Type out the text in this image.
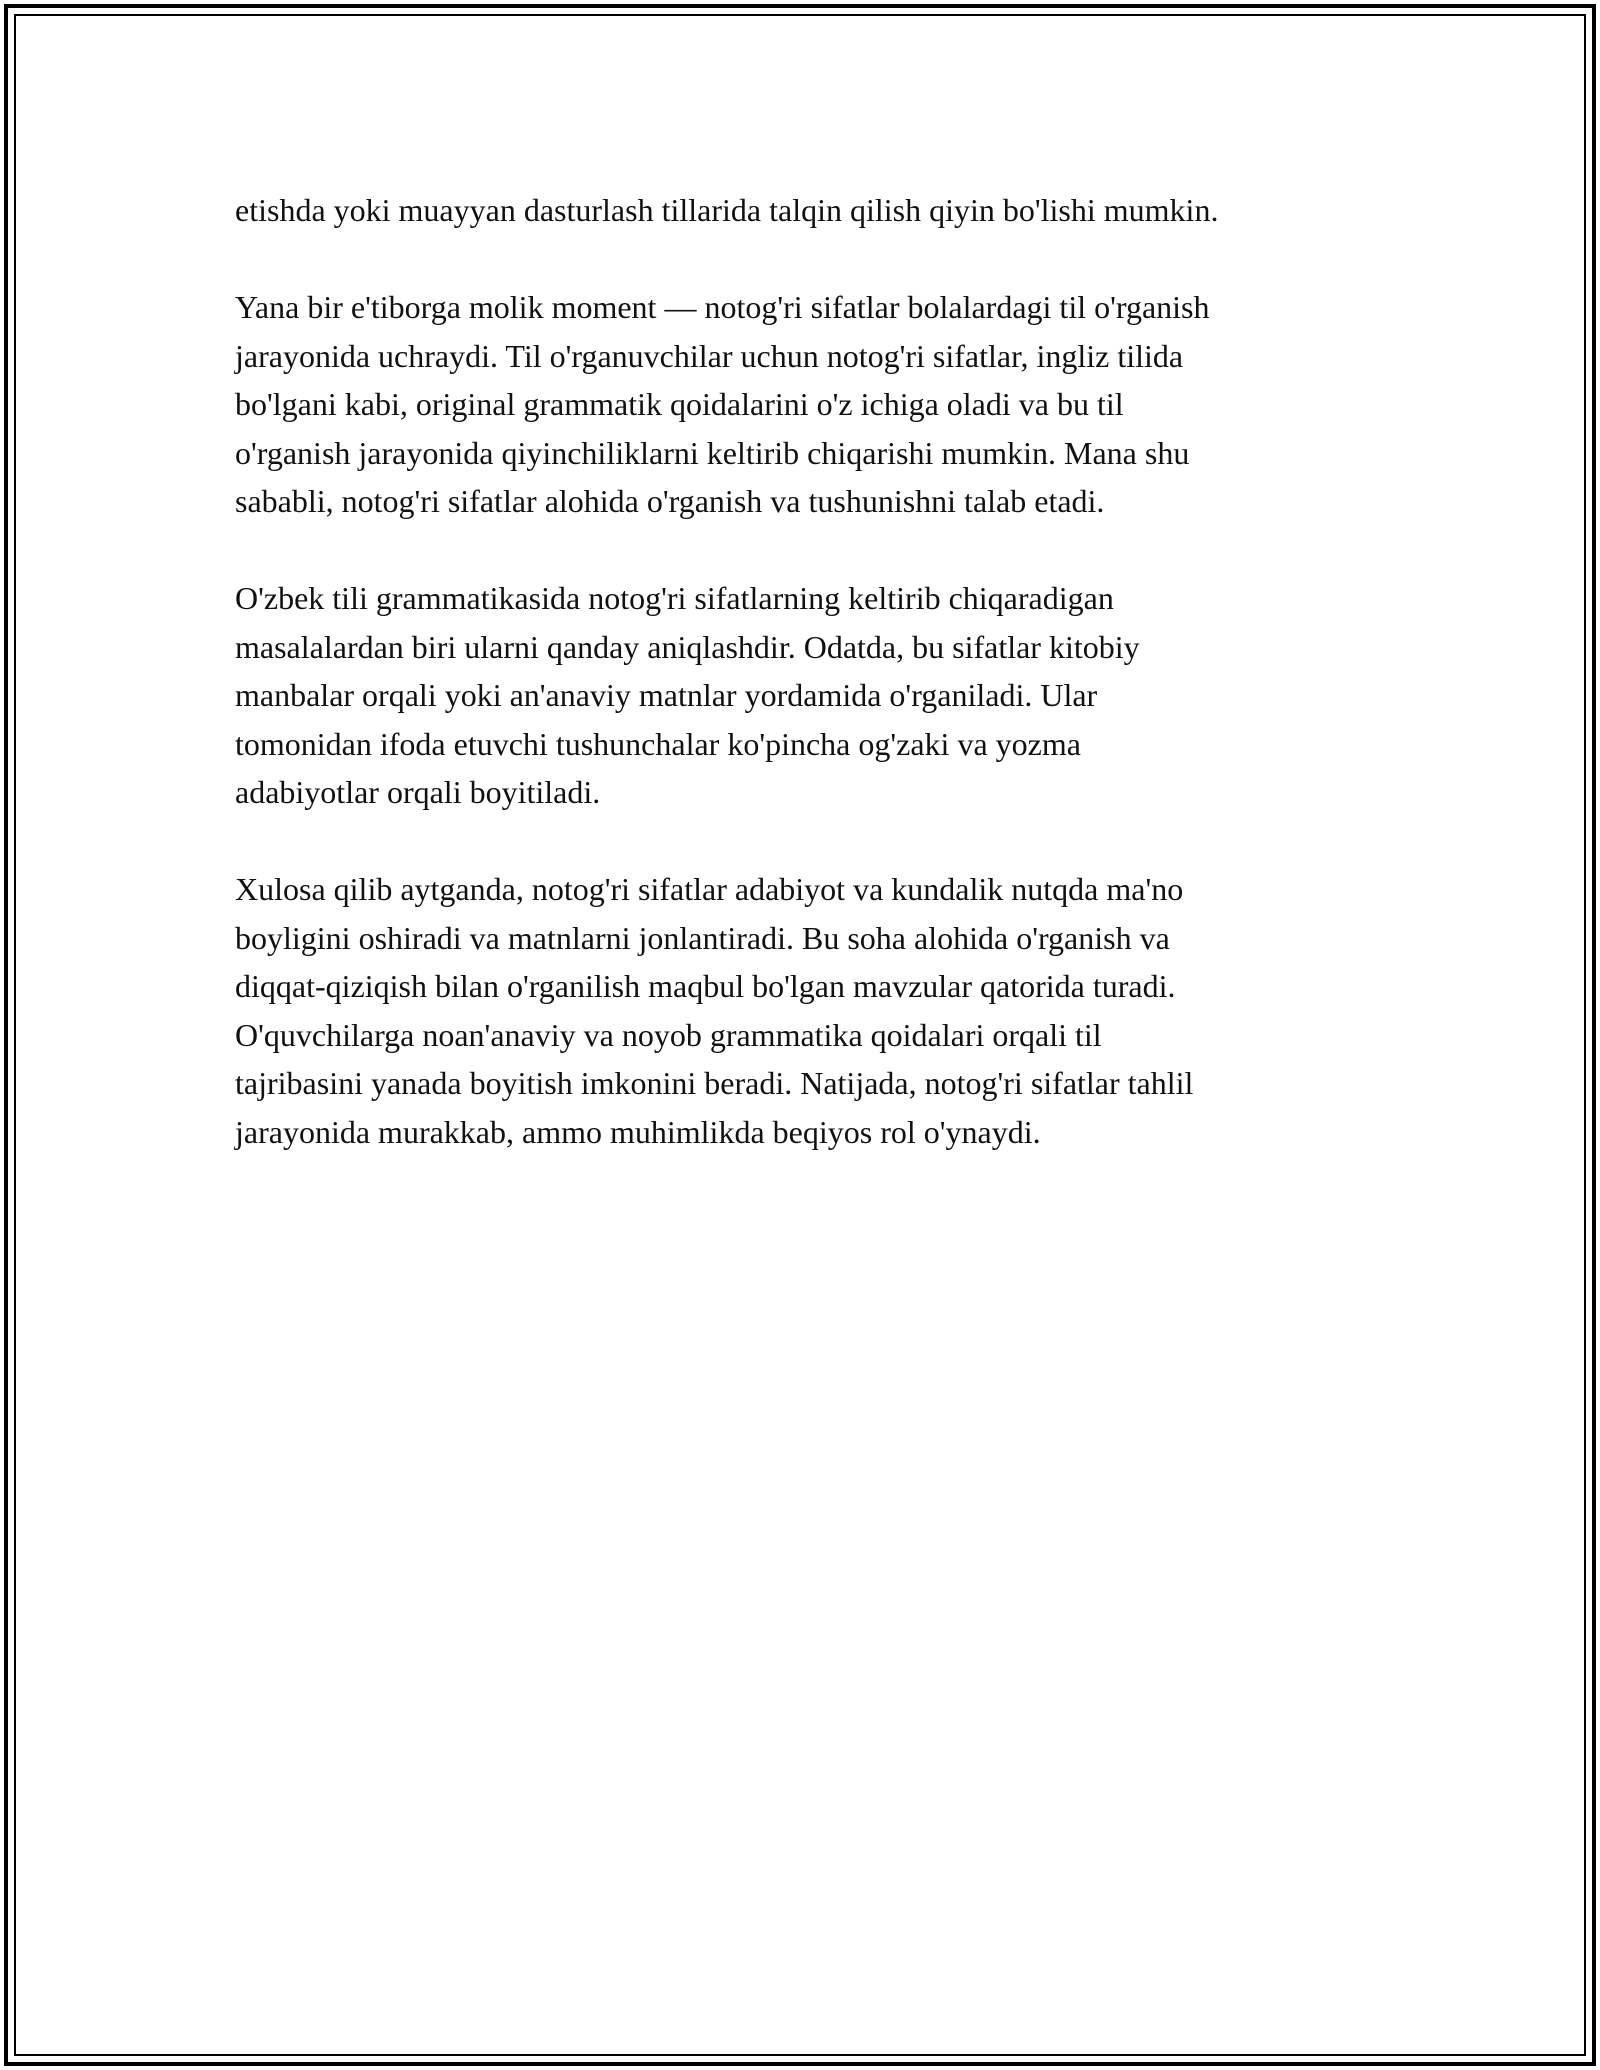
etishda yoki muayyan dasturlash tillarida talqin qilish qiyin bo'lishi mumkin.

Yana bir e'tiborga molik moment — notog'ri sifatlar bolalardagi til o'rganish
jarayonida uchraydi. Til o'rganuvchilar uchun notog'ri sifatlar, ingliz tilida
bo'lgani kabi, original grammatik qoidalarini o'z ichiga oladi va bu til
o'rganish jarayonida qiyinchiliklarni keltirib chiqarishi mumkin. Mana shu
sababli, notog'ri sifatlar alohida o'rganish va tushunishni talab etadi.

O'zbek tili grammatikasida notog'ri sifatlarning keltirib chiqaradigan
masalalardan biri ularni qanday aniqlashdir. Odatda, bu sifatlar kitobiy
manbalar orqali yoki an'anaviy matnlar yordamida o'rganiladi. Ular
tomonidan ifoda etuvchi tushunchalar ko'pincha og'zaki va yozma
adabiyotlar orqali boyitiladi.

Xulosa qilib aytganda, notog'ri sifatlar adabiyot va kundalik nutqda ma'no
boyligini oshiradi va matnlarni jonlantiradi. Bu soha alohida o'rganish va
diqqat-qiziqish bilan o'rganilish maqbul bo'lgan mavzular qatorida turadi.
O'quvchilarga noan'anaviy va noyob grammatika qoidalari orqali til
tajribasini yanada boyitish imkonini beradi. Natijada, notog'ri sifatlar tahlil
jarayonida murakkab, ammo muhimlikda beqiyos rol o'ynaydi.
